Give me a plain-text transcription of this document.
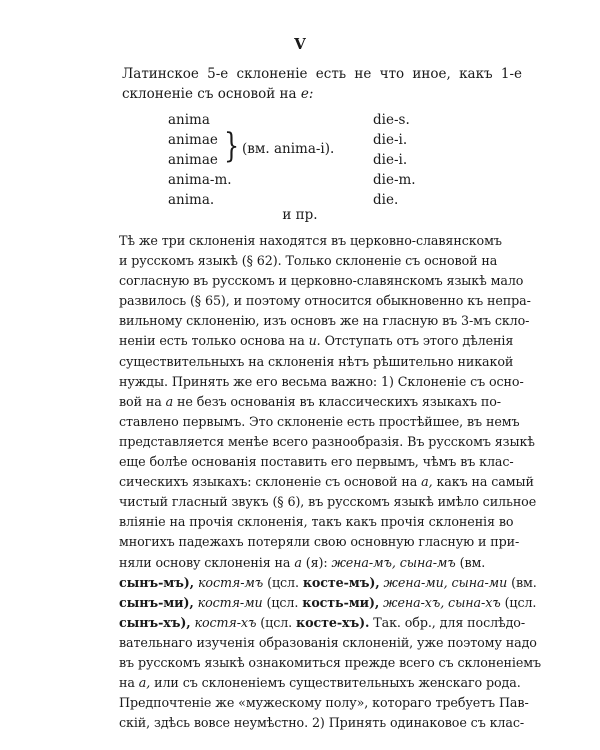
V
Латинское 5-е склоненіе есть не что иное, какъ 1-е склоненіе съ основой на e:
anima
animae
animae
anima-m.
anima.
} (вм. anima-i).
die-s.
die-i.
die-i.
die-m.
die.
и пр.
Тѣ же три склоненія находятся въ церковно-славянскомъ
и русскомъ языкѣ (§ 62). Только склоненіе съ основой на
согласную въ русскомъ и церковно-славянскомъ языкѣ мало
развилось (§ 65), и поэтому относится обыкновенно къ непра-
вильному склоненію, изъ основъ же на гласную въ 3-мъ скло-
неніи есть только основа на и. Отступать отъ этого дѣленія
существительныхъ на склоненія нѣтъ рѣшительно никакой
нужды. Принять же его весьма важно: 1) Склоненіе съ осно-
вой на а не безъ основанія въ классическихъ языкахъ по-
ставлено первымъ. Это склоненіе есть простѣйшее, въ немъ
представляется менѣе всего разнообразія. Въ русскомъ языкѣ
еще болѣе основанія поставить его первымъ, чѣмъ въ клас-
сическихъ языкахъ: склоненіе съ основой на а, какъ на самый
чистый гласный звукъ (§ 6), въ русскомъ языкѣ имѣло сильное
вліяніе на прочія склоненія, такъ какъ прочія склоненія во
многихъ падежахъ потеряли свою основную гласную и при-
няли основу склоненія на а (я): жена-мъ, сына-мъ (вм.
сынъ-мъ), костя-мъ (цсл. косте-мъ), жена-ми, сына-ми (вм.
сынъ-ми), костя-ми (цсл. кость-ми), жена-хъ, сына-хъ (цсл.
сынъ-хъ), костя-хъ (цсл. косте-хъ). Так. обр., для послѣдо-
вательнаго изученія образованія склоненій, уже поэтому надо
въ русскомъ языкѣ ознакомиться прежде всего съ склоненіемъ
на а, или съ склоненіемъ существительныхъ женскаго рода.
Предпочтеніе же «мужескому полу», котораго требуетъ Пав-
скій, здѣсь вовсе неумѣстно. 2) Принять одинаковое съ клас-
